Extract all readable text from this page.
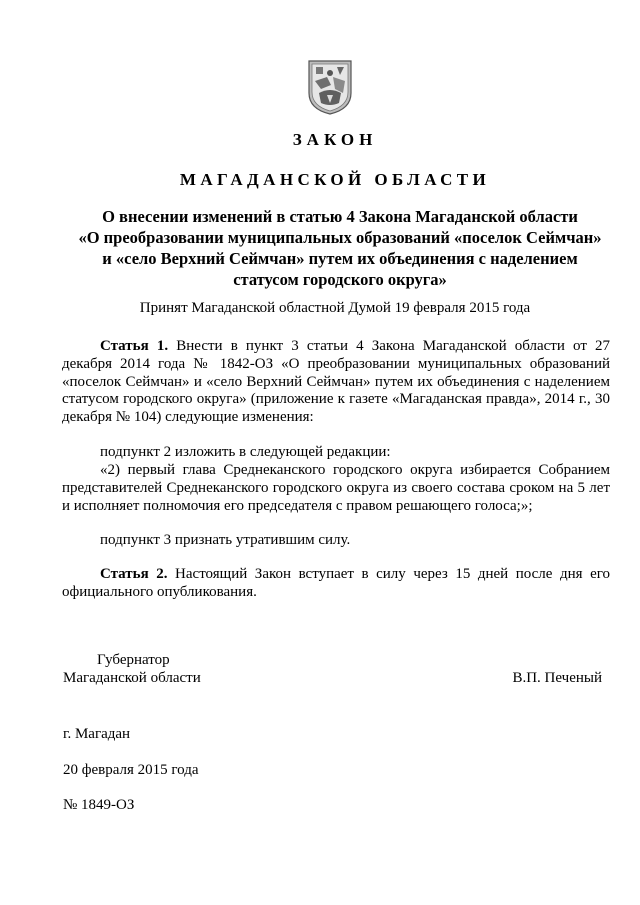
ЗАКОН
МАГАДАНСКОЙ ОБЛАСТИ
О внесении изменений в статью 4 Закона Магаданской области
«О преобразовании муниципальных образований «поселок Сеймчан»
и «село Верхний Сеймчан» путем их объединения с наделением
статусом городского округа»

Принят Магаданской областной Думой 19 февраля 2015 года

Статья 1. Внести в пункт 3 статьи 4 Закона Магаданской области от 27 декабря 2014 года № 1842-ОЗ «О преобразовании муниципальных образований «поселок Сеймчан» и «село Верхний Сеймчан» путем их объединения с наделением статусом городского округа» (приложение к газете «Магаданская правда», 2014 г., 30 декабря № 104) следующие изменения:

подпункт 2 изложить в следующей редакции:

«2) первый глава Среднеканского городского округа избирается Собранием представителей Среднеканского городского округа из своего состава сроком на 5 лет и исполняет полномочия его председателя с правом решающего голоса;»;

подпункт 3 признать утратившим силу.

Статья 2. Настоящий Закон вступает в силу через 15 дней после дня его официального опубликования.

Губернатор

Магаданской области	В.П. Печеный

г. Магадан

20 февраля 2015 года

№ 1849-ОЗ
